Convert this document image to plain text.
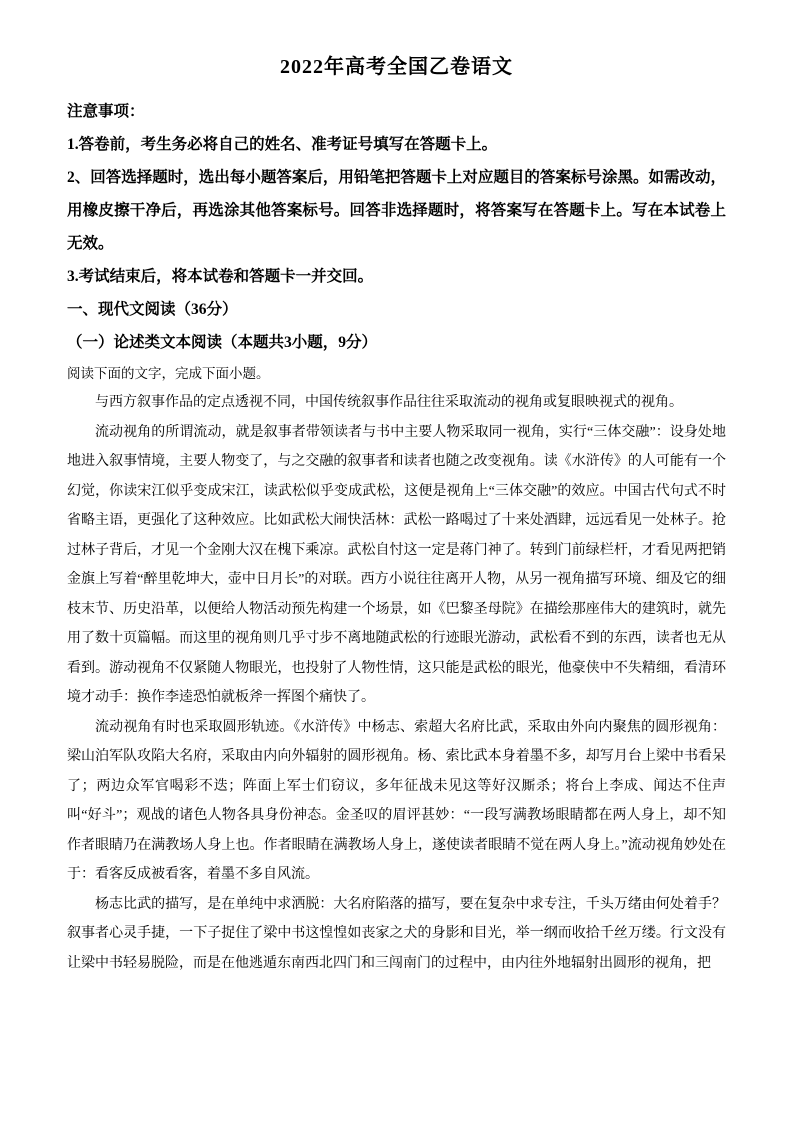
2022年高考全国乙卷语文

注意事项：

1.答卷前，考生务必将自己的姓名、准考证号填写在答题卡上。

2、回答选择题时，选出每小题答案后，用铅笔把答题卡上对应题目的答案标号涂黑。如需改动，用橡皮擦干净后，再选涂其他答案标号。回答非选择题时，将答案写在答题卡上。写在本试卷上无效。

3.考试结束后，将本试卷和答题卡一并交回。

一、现代文阅读（36分）

（一）论述类文本阅读（本题共3小题，9分）

阅读下面的文字，完成下面小题。

与西方叙事作品的定点透视不同，中国传统叙事作品往往采取流动的视角或复眼映视式的视角。

流动视角的所谓流动，就是叙事者带领读者与书中主要人物采取同一视角，实行“三体交融”：设身处地地进入叙事情境，主要人物变了，与之交融的叙事者和读者也随之改变视角。读《水浒传》的人可能有一个幻觉，你读宋江似乎变成宋江，读武松似乎变成武松，这便是视角上“三体交融”的效应。中国古代句式不时省略主语，更强化了这种效应。比如武松大闹快活林：武松一路喝过了十来处酒肆，远远看见一处林子。抢过林子背后，才见一个金刚大汉在槐下乘凉。武松自忖这一定是蒋门神了。转到门前绿栏杆，才看见两把销金旗上写着“醉里乾坤大，壶中日月长”的对联。西方小说往往离开人物，从另一视角描写环境、细及它的细枝末节、历史沿革，以便给人物活动预先构建一个场景，如《巴黎圣母院》在描绘那座伟大的建筑时，就先用了数十页篇幅。而这里的视角则几乎寸步不离地随武松的行迹眼光游动，武松看不到的东西，读者也无从看到。游动视角不仅紧随人物眼光，也投射了人物性情，这只能是武松的眼光，他豪侠中不失精细，看清环境才动手：换作李逵恐怕就板斧一挥图个痛快了。

流动视角有时也采取圆形轨迹。《水浒传》中杨志、索超大名府比武，采取由外向内聚焦的圆形视角：梁山泊军队攻陷大名府，采取由内向外辐射的圆形视角。杨、索比武本身着墨不多，却写月台上梁中书看呆了；两边众军官喝彩不迭；阵面上军士们窃议，多年征战未见这等好汉厮杀；将台上李成、闻达不住声叫“好斗”；观战的诸色人物各具身份神态。金圣叹的眉评甚妙：“一段写满教场眼睛都在两人身上，却不知作者眼睛乃在满教场人身上也。作者眼睛在满教场人身上，遂使读者眼睛不觉在两人身上。”流动视角妙处在于：看客反成被看客，着墨不多自风流。

杨志比武的描写，是在单纯中求洒脱：大名府陷落的描写，要在复杂中求专注，千头万绪由何处着手？叙事者心灵手捷，一下子捉住了梁中书这惶惶如丧家之犬的身影和目光，举一纲而收拾千丝万缕。行文没有让梁中书轻易脱险，而是在他逃遁东南西北四门和三闯南门的过程中，由内往外地辐射出圆形的视角，把
